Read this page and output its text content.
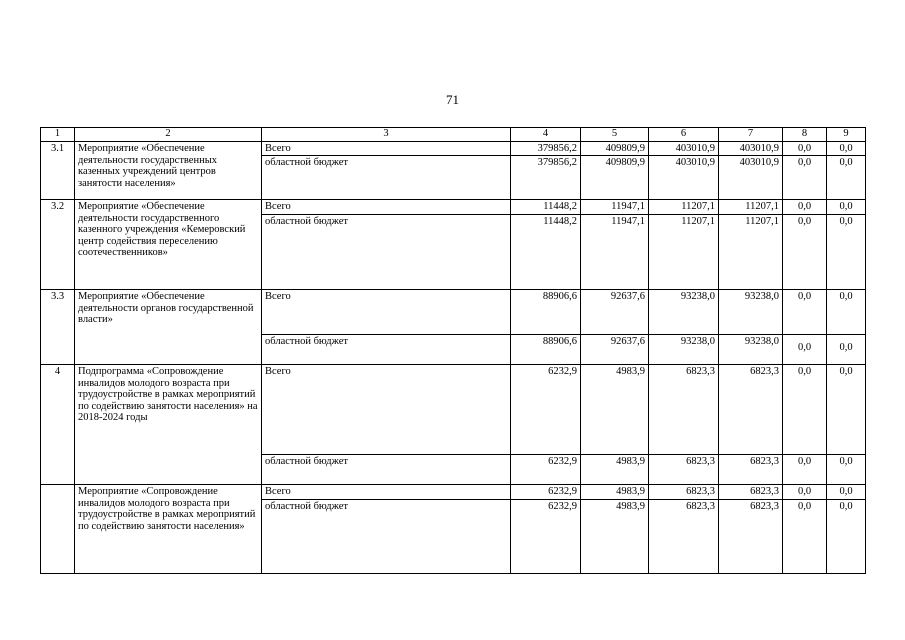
71
1	2	3	4	5	6	7	8	9
3.1	Мероприятие «Обеспечение деятельности государственных казенных учреждений центров занятости населения»	Всего	379856,2	409809,9	403010,9	403010,9	0,0	0,0
		областной бюджет	379856,2	409809,9	403010,9	403010,9	0,0	0,0
3.2	Мероприятие «Обеспечение деятельности государственного казенного учреждения «Кемеровский центр содействия переселению соотечественников»	Всего	11448,2	11947,1	11207,1	11207,1	0,0	0,0
		областной бюджет	11448,2	11947,1	11207,1	11207,1	0,0	0,0
3.3	Мероприятие «Обеспечение деятельности органов государственной власти»	Всего	88906,6	92637,6	93238,0	93238,0	0,0	0,0
		областной бюджет	88906,6	92637,6	93238,0	93238,0	0,0	0,0
4	Подпрограмма «Сопровождение инвалидов молодого возраста при трудоустройстве в рамках мероприятий по содействию занятости населения» на 2018-2024 годы	Всего	6232,9	4983,9	6823,3	6823,3	0,0	0,0
		областной бюджет	6232,9	4983,9	6823,3	6823,3	0,0	0,0
	Мероприятие «Сопровождение инвалидов молодого возраста при трудоустройстве в рамках мероприятий по содействию занятости населения»	Всего	6232,9	4983,9	6823,3	6823,3	0,0	0,0
		областной бюджет	6232,9	4983,9	6823,3	6823,3	0,0	0,0
